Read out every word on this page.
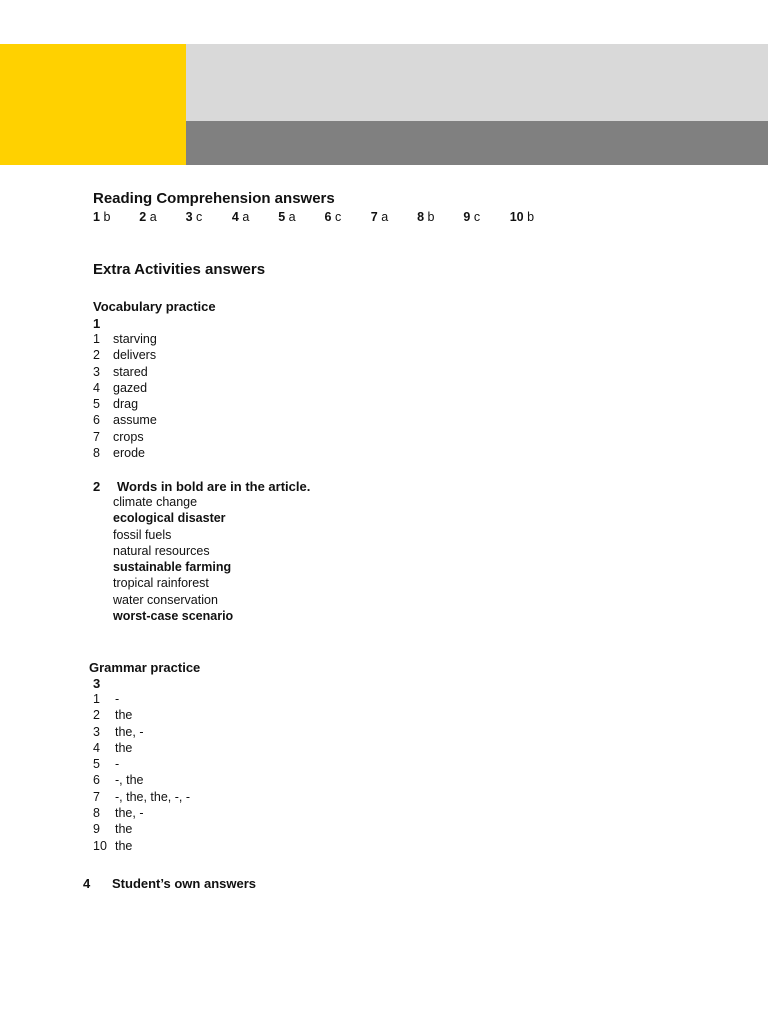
Reading Comprehension answers
1 b 2 a 3 c 4 a 5 a 6 c 7 a 8 b 9 c 10 b
Extra Activities answers
Vocabulary practice
1
1 starving
2 delivers
3 stared
4 gazed
5 drag
6 assume
7 crops
8 erode
2 Words in bold are in the article.
climate change
ecological disaster
fossil fuels
natural resources
sustainable farming
tropical rainforest
water conservation
worst-case scenario
Grammar practice
3
1 -
2 the
3 the, -
4 the
5 -
6 -, the
7 -, the, the, -, -
8 the, -
9 the
10 the
4 Student’s own answers
